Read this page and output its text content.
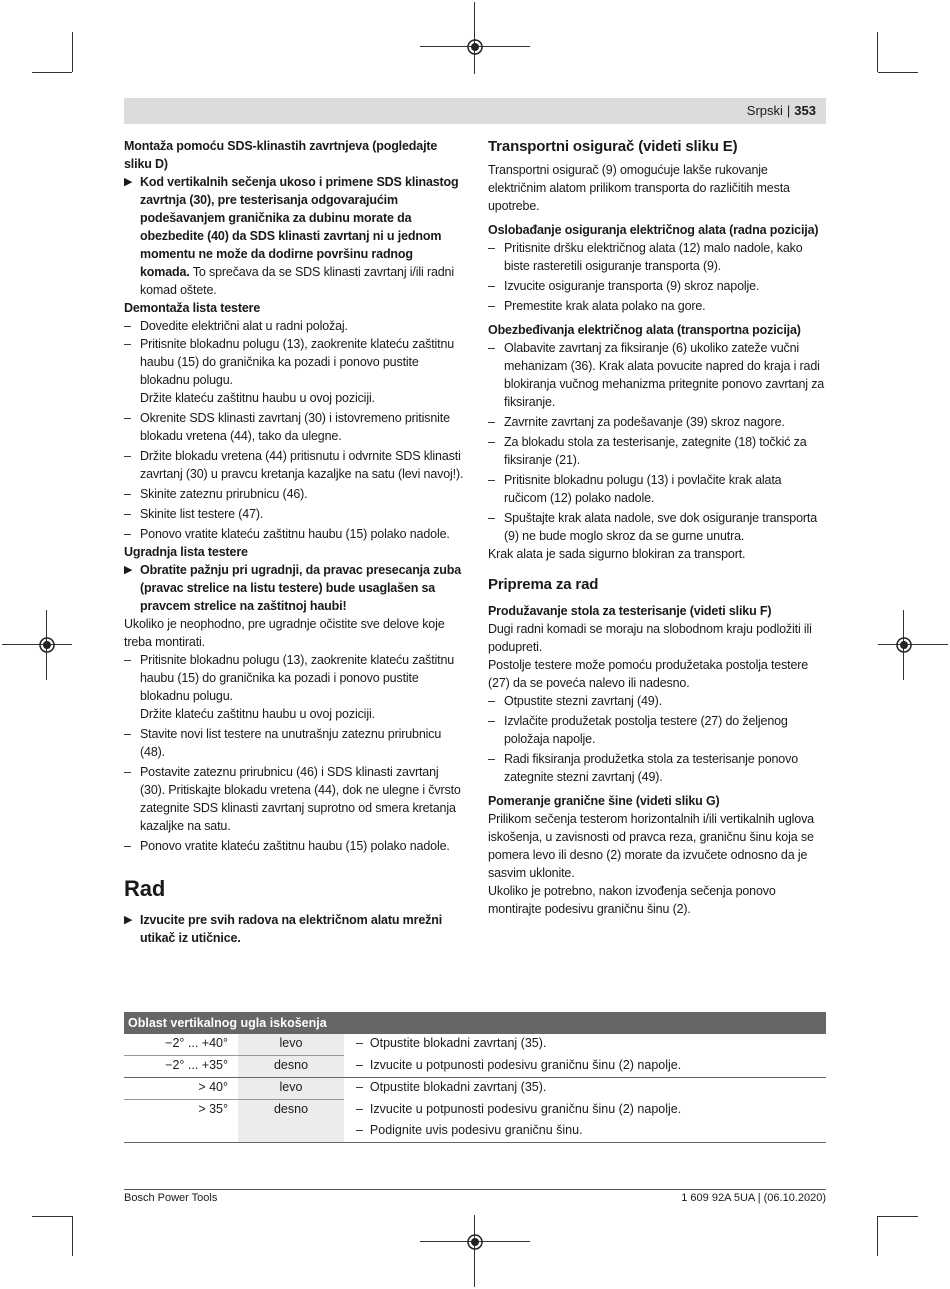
Srpski | 353

Montaža pomoću SDS-klinastih zavrtnjeva (pogledajte sliku D)

▶ Kod vertikalnih sečenja ukoso i primene SDS klinastog zavrtnja (30), pre testerisanja odgovarajućim podešavanjem graničnika za dubinu morate da obezbedite (40) da SDS klinasti zavrtanj ni u jednom momentu ne može da dodirne površinu radnog komada. To sprečava da se SDS klinasti zavrtanj i/ili radni komad oštete.

Demontaža lista testere

– Dovedite električni alat u radni položaj.

– Pritisnite blokadnu polugu (13), zaokrenite klateću zaštitnu haubu (15) do graničnika ka pozadi i ponovo pustite blokadnu polugu.
Držite klateću zaštitnu haubu u ovoj poziciji.

– Okrenite SDS klinasti zavrtanj (30) i istovremeno pritisnite blokadu vretena (44), tako da ulegne.

– Držite blokadu vretena (44) pritisnutu i odvrnite SDS klinasti zavrtanj (30) u pravcu kretanja kazaljke na satu (levi navoj!).

– Skinite zateznu prirubnicu (46).

– Skinite list testere (47).

– Ponovo vratite klateću zaštitnu haubu (15) polako nadole.

Ugradnja lista testere

▶ Obratite pažnju pri ugradnji, da pravac presecanja zuba (pravac strelice na listu testere) bude usaglašen sa pravcem strelice na zaštitnoj haubi!

Ukoliko je neophodno, pre ugradnje očistite sve delove koje treba montirati.

– Pritisnite blokadnu polugu (13), zaokrenite klateću zaštitnu haubu (15) do graničnika ka pozadi i ponovo pustite blokadnu polugu.
Držite klateću zaštitnu haubu u ovoj poziciji.

– Stavite novi list testere na unutrašnju zateznu prirubnicu (48).

– Postavite zateznu prirubnicu (46) i SDS klinasti zavrtanj (30). Pritiskajte blokadu vretena (44), dok ne ulegne i čvrsto zategnite SDS klinasti zavrtanj suprotno od smera kretanja kazaljke na satu.

– Ponovo vratite klateću zaštitnu haubu (15) polako nadole.

Rad

▶ Izvucite pre svih radova na električnom alatu mrežni utikač iz utičnice.

Transportni osigurač (videti sliku E)

Transportni osigurač (9) omogućuje lakše rukovanje električnim alatom prilikom transporta do različitih mesta upotrebe.

Oslobađanje osiguranja električnog alata (radna pozicija)

– Pritisnite dršku električnog alata (12) malo nadole, kako biste rasteretili osiguranje transporta (9).

– Izvucite osiguranje transporta (9) skroz napolje.

– Premestite krak alata polako na gore.

Obezbeđivanja električnog alata (transportna pozicija)

– Olabavite zavrtanj za fiksiranje (6) ukoliko zateže vučni mehanizam (36). Krak alata povucite napred do kraja i radi blokiranja vučnog mehanizma pritegnite ponovo zavrtanj za fiksiranje.

– Zavrnite zavrtanj za podešavanje (39) skroz nagore.

– Za blokadu stola za testerisanje, zategnite (18) točkić za fiksiranje (21).

– Pritisnite blokadnu polugu (13) i povlačite krak alata ručicom (12) polako nadole.

– Spuštajte krak alata nadole, sve dok osiguranje transporta (9) ne bude moglo skroz da se gurne unutra.

Krak alata je sada sigurno blokiran za transport.

Priprema za rad

Produžavanje stola za testerisanje (videti sliku F)

Dugi radni komadi se moraju na slobodnom kraju podložiti ili podupreti.

Postolje testere može pomoću produžetaka postolja testere (27) da se poveća nalevo ili nadesno.

– Otpustite stezni zavrtanj (49).

– Izvlačite produžetak postolja testere (27) do željenog položaja napolje.

– Radi fiksiranja produžetka stola za testerisanje ponovo zategnite stezni zavrtanj (49).

Pomeranje granične šine (videti sliku G)

Prilikom sečenja testerom horizontalnih i/ili vertikalnih uglova iskošenja, u zavisnosti od pravca reza, graničnu šinu koja se pomera levo ili desno (2) morate da izvučete odnosno da je sasvim uklonite.

Ukoliko je potrebno, nakon izvođenja sečenja ponovo montirajte podesivu graničnu šinu (2).

Oblast vertikalnog ugla iskošenja		
−2° ... +40°	levo	– Otpustite blokadni zavrtanj (35).
−2° ... +35°	desno	– Izvucite u potpunosti podesivu graničnu šinu (2) napolje.
> 40°	levo	– Otpustite blokadni zavrtanj (35).
> 35°	desno	– Izvucite u potpunosti podesivu graničnu šinu (2) napolje.
		– Podignite uvis podesivu graničnu šinu.
Bosch Power Tools	1 609 92A 5UA | (06.10.2020)
